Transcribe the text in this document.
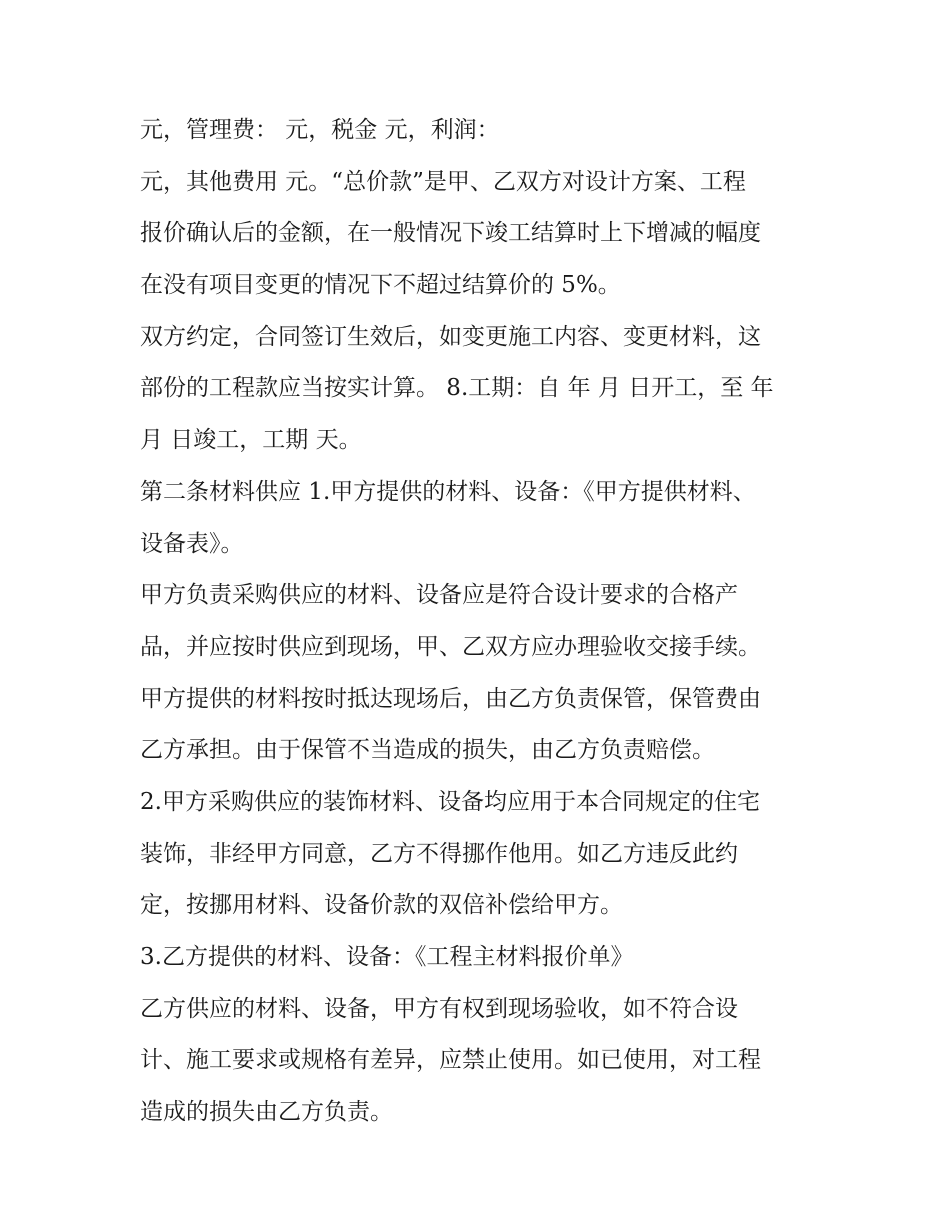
元，管理费： 元，税金 元，利润：
元，其他费用 元。“总价款”是甲、乙双方对设计方案、工程
报价确认后的金额，在一般情况下竣工结算时上下增减的幅度
在没有项目变更的情况下不超过结算价的 5%。
双方约定，合同签订生效后，如变更施工内容、变更材料，这
部份的工程款应当按实计算。 8.工期：自 年 月 日开工，至 年
月 日竣工，工期 天。
第二条材料供应 1.甲方提供的材料、设备：《甲方提供材料、
设备表》。
甲方负责采购供应的材料、设备应是符合设计要求的合格产
品，并应按时供应到现场，甲、乙双方应办理验收交接手续。
甲方提供的材料按时抵达现场后，由乙方负责保管，保管费由
乙方承担。由于保管不当造成的损失，由乙方负责赔偿。
2.甲方采购供应的装饰材料、设备均应用于本合同规定的住宅
装饰，非经甲方同意，乙方不得挪作他用。如乙方违反此约
定，按挪用材料、设备价款的双倍补偿给甲方。
3.乙方提供的材料、设备：《工程主材料报价单》
乙方供应的材料、设备，甲方有权到现场验收，如不符合设
计、施工要求或规格有差异，应禁止使用。如已使用，对工程
造成的损失由乙方负责。
